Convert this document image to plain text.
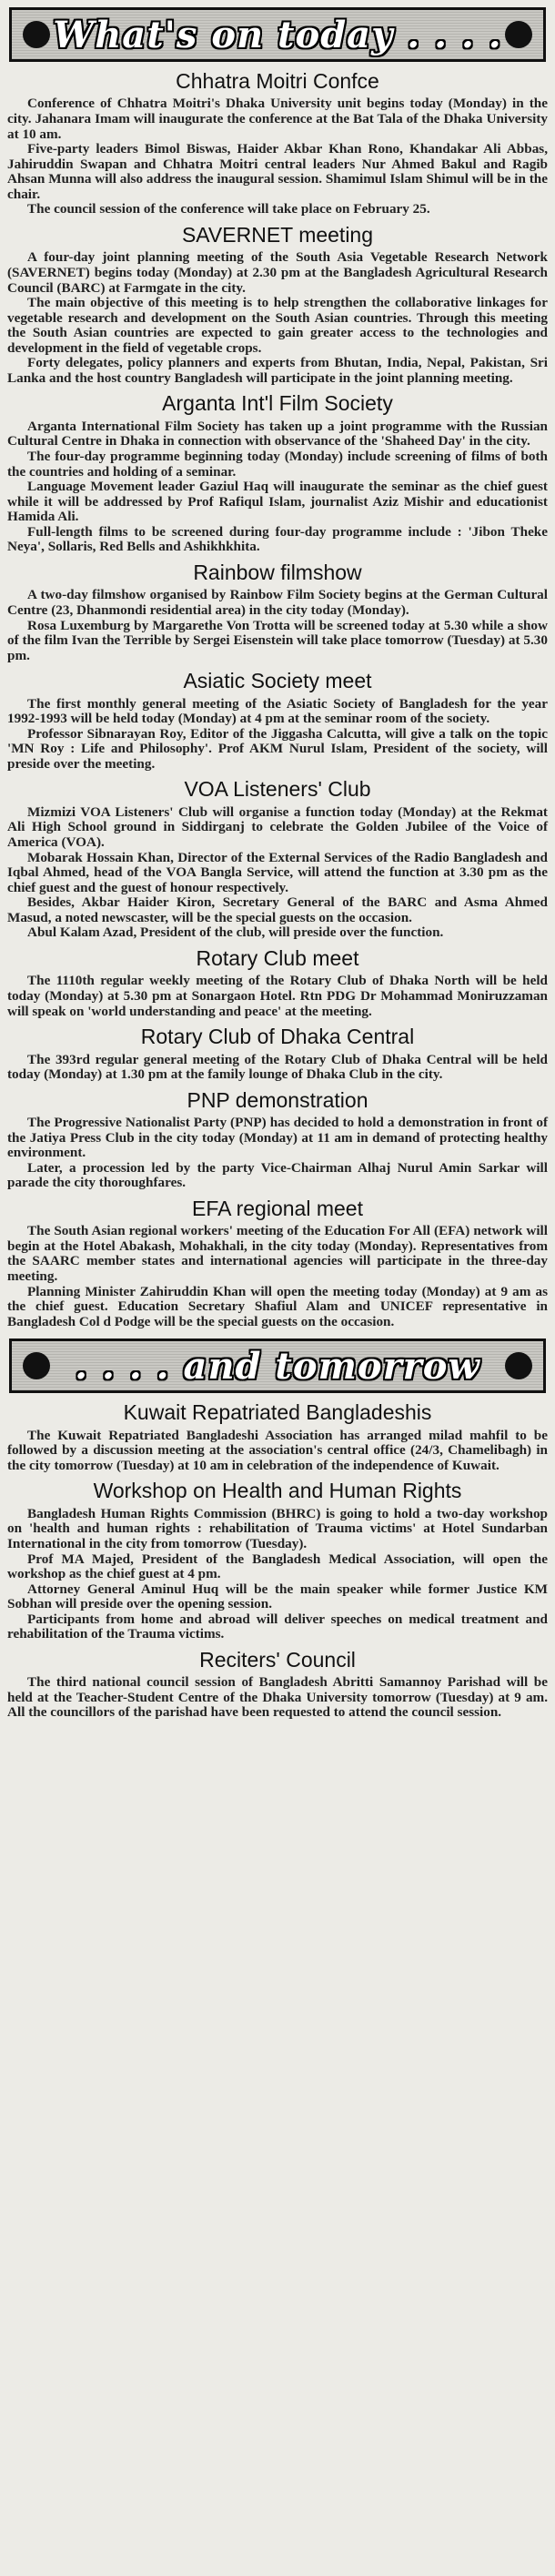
What's on today . . . .
Chhatra Moitri Confce

Conference of Chhatra Moitri's Dhaka University unit begins today (Monday) in the city. Jahanara Imam will inaugurate the conference at the Bat Tala of the Dhaka University at 10 am.

Five-party leaders Bimol Biswas, Haider Akbar Khan Rono, Khandakar Ali Abbas, Jahiruddin Swapan and Chhatra Moitri central leaders Nur Ahmed Bakul and Ragib Ahsan Munna will also address the inaugural session. Shamimul Islam Shimul will be in the chair.

The council session of the conference will take place on February 25.

SAVERNET meeting

A four-day joint planning meeting of the South Asia Vegetable Research Network (SAVERNET) begins today (Monday) at 2.30 pm at the Bangladesh Agricultural Research Council (BARC) at Farmgate in the city.

The main objective of this meeting is to help strengthen the collaborative linkages for vegetable research and development on the South Asian countries. Through this meeting the South Asian countries are expected to gain greater access to the technologies and development in the field of vegetable crops.

Forty delegates, policy planners and experts from Bhutan, India, Nepal, Pakistan, Sri Lanka and the host country Bangladesh will participate in the joint planning meeting.

Arganta Int'l Film Society

Arganta International Film Society has taken up a joint programme with the Russian Cultural Centre in Dhaka in connection with observance of the 'Shaheed Day' in the city.

The four-day programme beginning today (Monday) include screening of films of both the countries and holding of a seminar.

Language Movement leader Gaziul Haq will inaugurate the seminar as the chief guest while it will be addressed by Prof Rafiqul Islam, journalist Aziz Mishir and educationist Hamida Ali.

Full-length films to be screened during four-day programme include : 'Jibon Theke Neya', Sollaris, Red Bells and Ashikhkhita.

Rainbow filmshow

A two-day filmshow organised by Rainbow Film Society begins at the German Cultural Centre (23, Dhanmondi residential area) in the city today (Monday).

Rosa Luxemburg by Margarethe Von Trotta will be screened today at 5.30 while a show of the film Ivan the Terrible by Sergei Eisenstein will take place tomorrow (Tuesday) at 5.30 pm.

Asiatic Society meet

The first monthly general meeting of the Asiatic Society of Bangladesh for the year 1992-1993 will be held today (Monday) at 4 pm at the seminar room of the society.

Professor Sibnarayan Roy, Editor of the Jiggasha Calcutta, will give a talk on the topic 'MN Roy : Life and Philosophy'. Prof AKM Nurul Islam, President of the society, will preside over the meeting.

VOA Listeners' Club

Mizmizi VOA Listeners' Club will organise a function today (Monday) at the Rekmat Ali High School ground in Siddirganj to celebrate the Golden Jubilee of the Voice of America (VOA).

Mobarak Hossain Khan, Director of the External Services of the Radio Bangladesh and Iqbal Ahmed, head of the VOA Bangla Service, will attend the function at 3.30 pm as the chief guest and the guest of honour respectively.

Besides, Akbar Haider Kiron, Secretary General of the BARC and Asma Ahmed Masud, a noted newscaster, will be the special guests on the occasion.

Abul Kalam Azad, President of the club, will preside over the function.

Rotary Club meet

The 1110th regular weekly meeting of the Rotary Club of Dhaka North will be held today (Monday) at 5.30 pm at Sonargaon Hotel. Rtn PDG Dr Mohammad Moniruzzaman will speak on 'world understanding and peace' at the meeting.

Rotary Club of Dhaka Central

The 393rd regular general meeting of the Rotary Club of Dhaka Central will be held today (Monday) at 1.30 pm at the family lounge of Dhaka Club in the city.

PNP demonstration

The Progressive Nationalist Party (PNP) has decided to hold a demonstration in front of the Jatiya Press Club in the city today (Monday) at 11 am in demand of protecting healthy environment.

Later, a procession led by the party Vice-Chairman Alhaj Nurul Amin Sarkar will parade the city thoroughfares.

EFA regional meet

The South Asian regional workers' meeting of the Education For All (EFA) network will begin at the Hotel Abakash, Mohakhali, in the city today (Monday). Representatives from the SAARC member states and international agencies will participate in the three-day meeting.

Planning Minister Zahiruddin Khan will open the meeting today (Monday) at 9 am as the chief guest. Education Secretary Shafiul Alam and UNICEF representative in Bangladesh Col d Podge will be the special guests on the occasion.

. . . . and tomorrow
Kuwait Repatriated Bangladeshis

The Kuwait Repatriated Bangladeshi Association has arranged milad mahfil to be followed by a discussion meeting at the association's central office (24/3, Chamelibagh) in the city tomorrow (Tuesday) at 10 am in celebration of the independence of Kuwait.

Workshop on Health and Human Rights

Bangladesh Human Rights Commission (BHRC) is going to hold a two-day workshop on 'health and human rights : rehabilitation of Trauma victims' at Hotel Sundarban International in the city from tomorrow (Tuesday).

Prof MA Majed, President of the Bangladesh Medical Association, will open the workshop as the chief guest at 4 pm.

Attorney General Aminul Huq will be the main speaker while former Justice KM Sobhan will preside over the opening session.

Participants from home and abroad will deliver speeches on medical treatment and rehabilitation of the Trauma victims.

Reciters' Council

The third national council session of Bangladesh Abritti Samannoy Parishad will be held at the Teacher-Student Centre of the Dhaka University tomorrow (Tuesday) at 9 am. All the councillors of the parishad have been requested to attend the council session.
